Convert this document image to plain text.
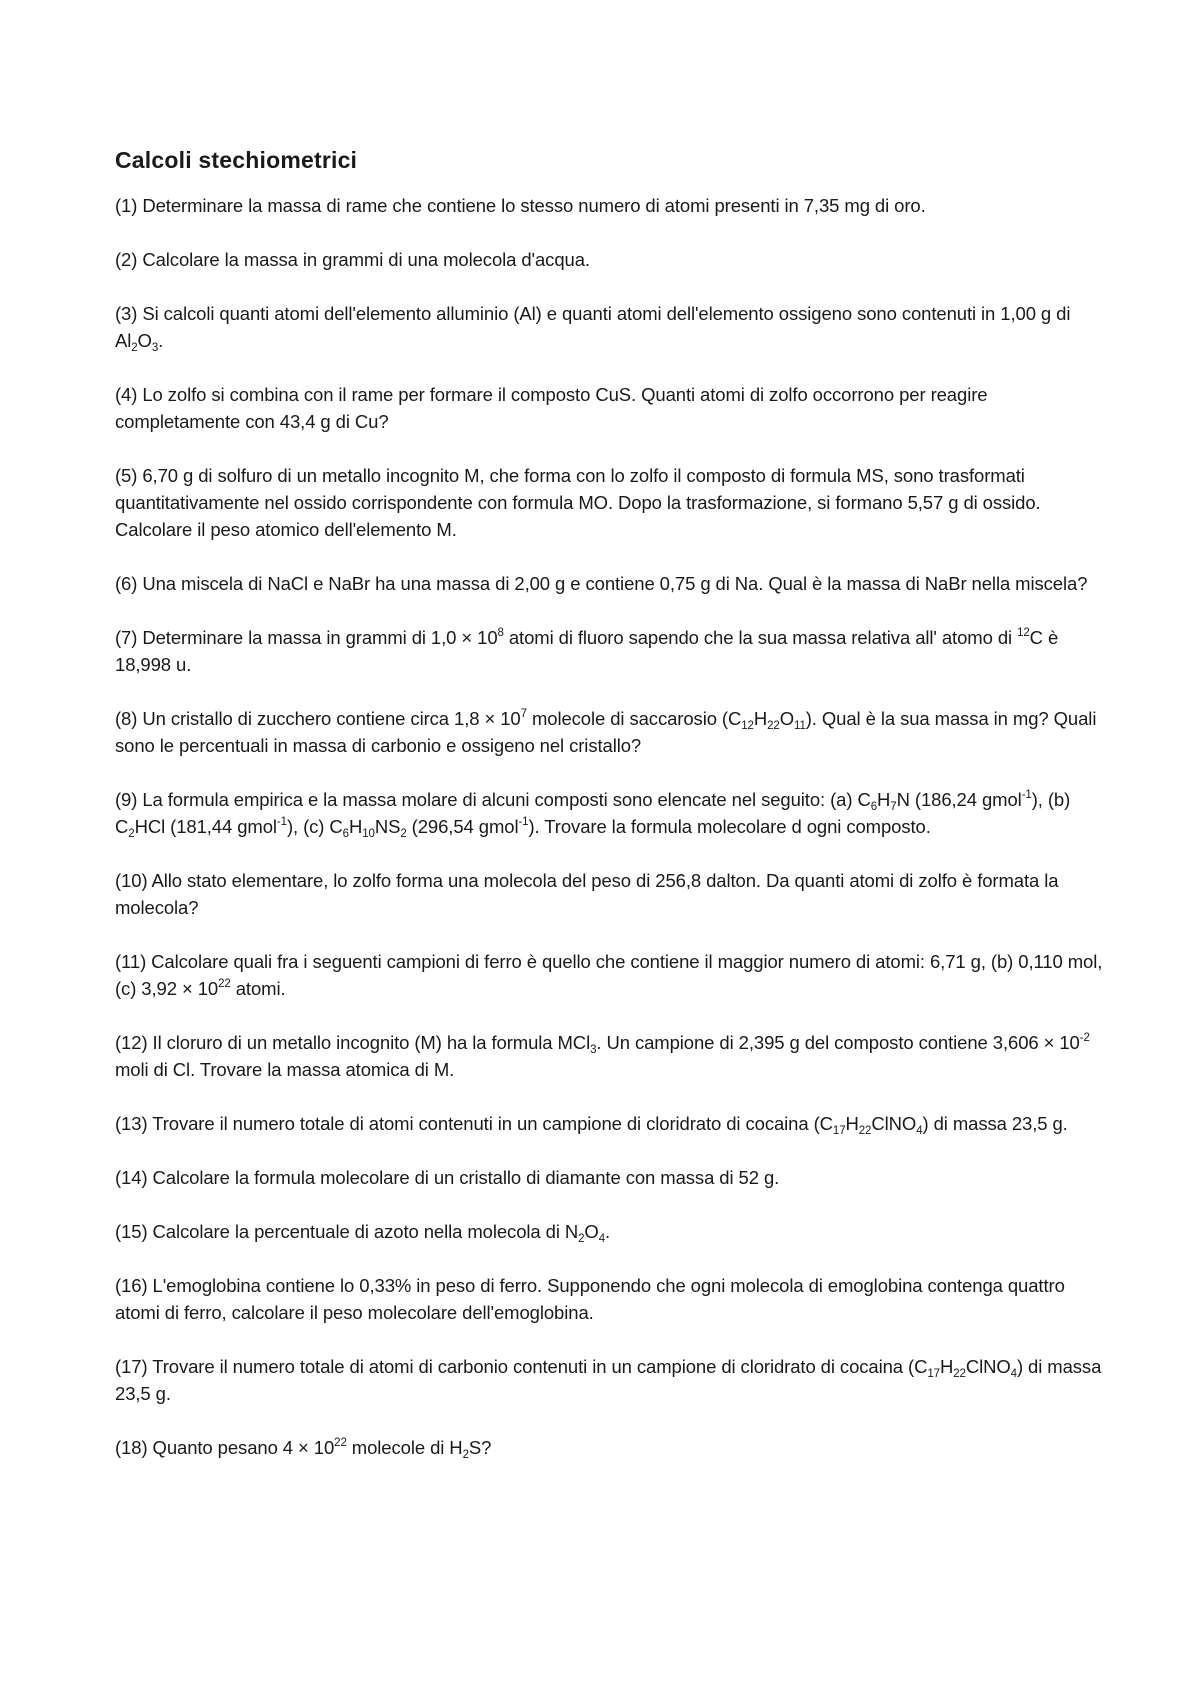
Calcoli stechiometrici

(1) Determinare la massa di rame che contiene lo stesso numero di atomi presenti in 7,35 mg di oro.

(2) Calcolare la massa in grammi di una molecola d'acqua.

(3) Si calcoli quanti atomi dell'elemento alluminio (Al) e quanti atomi dell'elemento ossigeno sono contenuti in 1,00 g di $Al_2O_3$.

(4) Lo zolfo si combina con il rame per formare il composto CuS. Quanti atomi di zolfo occorrono per reagire completamente con 43,4 g di Cu?

(5) 6,70 g di solfuro di un metallo incognito M, che forma con lo zolfo il composto di formula MS, sono trasformati quantitativamente nel ossido corrispondente con formula MO. Dopo la trasformazione, si formano 5,57 g di ossido. Calcolare il peso atomico dell'elemento M.

(6) Una miscela di NaCl e NaBr ha una massa di 2,00 g e contiene 0,75 g di Na. Qual è la massa di NaBr nella miscela?

(7) Determinare la massa in grammi di $1,0 \times 10^8$ atomi di fluoro sapendo che la sua massa relativa all' atomo di $^{12}$C è 18,998 u.

(8) Un cristallo di zucchero contiene circa $1,8 \times 10^7$ molecole di saccarosio $(C_{12}H_{22}O_{11})$. Qual è la sua massa in mg? Quali sono le percentuali in massa di carbonio e ossigeno nel cristallo?

(9) La formula empirica e la massa molare di alcuni composti sono elencate nel seguito: (a) $C_6H_7N$ (186,24 gmol$^{-1}$), (b) $C_2HCl$ (181,44 gmol$^{-1}$), (c) $C_6H_{10}NS_2$ (296,54 gmol$^{-1}$). Trovare la formula molecolare d ogni composto.

(10) Allo stato elementare, lo zolfo forma una molecola del peso di 256,8 dalton. Da quanti atomi di zolfo è formata la molecola?

(11) Calcolare quali fra i seguenti campioni di ferro è quello che contiene il maggior numero di atomi: 6,71 g, (b) 0,110 mol, (c) $3,92 \times 10^{22}$ atomi.

(12) Il cloruro di un metallo incognito (M) ha la formula MCl$_3$. Un campione di 2,395 g del composto contiene $3,606 \times 10^{-2}$ moli di Cl. Trovare la massa atomica di M.

(13) Trovare il numero totale di atomi contenuti in un campione di cloridrato di cocaina $(C_{17}H_{22}ClNO_4)$ di massa 23,5 g.

(14) Calcolare la formula molecolare di un cristallo di diamante con massa di 52 g.

(15) Calcolare la percentuale di azoto nella molecola di $N_2O_4$.

(16) L'emoglobina contiene lo 0,33% in peso di ferro. Supponendo che ogni molecola di emoglobina contenga quattro atomi di ferro, calcolare il peso molecolare dell'emoglobina.

(17) Trovare il numero totale di atomi di carbonio contenuti in un campione di cloridrato di cocaina $(C_{17}H_{22}ClNO_4)$ di massa 23,5 g.

(18) Quanto pesano $4 \times 10^{22}$ molecole di $H_2S$?
